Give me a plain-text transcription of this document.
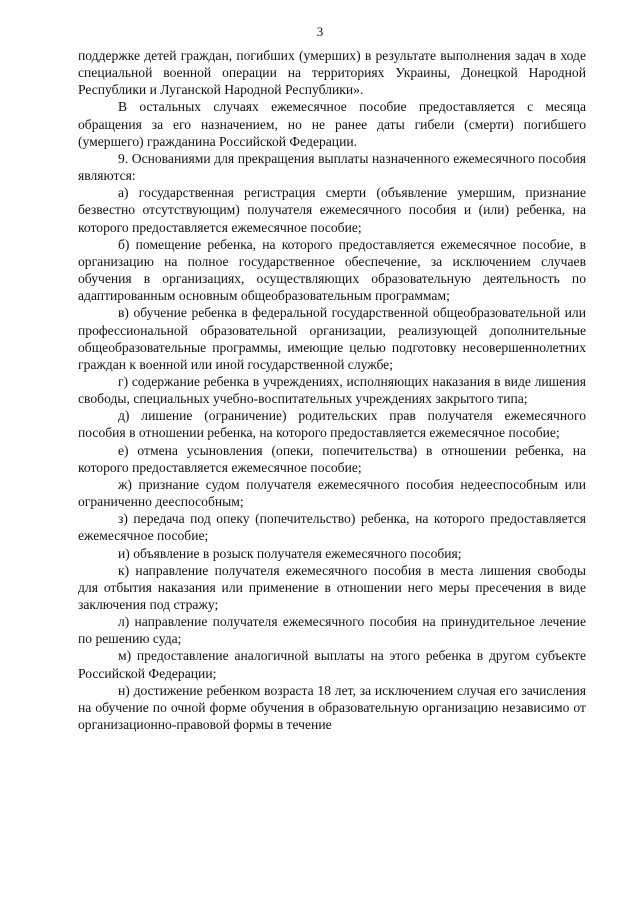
3

поддержке детей граждан, погибших (умерших) в результате выполнения задач в ходе специальной военной операции на территориях Украины, Донецкой Народной Республики и Луганской Народной Республики».

В остальных случаях ежемесячное пособие предоставляется с месяца обращения за его назначением, но не ранее даты гибели (смерти) погибшего (умершего) гражданина Российской Федерации.

9. Основаниями для прекращения выплаты назначенного ежемесячного пособия являются:

а) государственная регистрация смерти (объявление умершим, признание безвестно отсутствующим) получателя ежемесячного пособия и (или) ребенка, на которого предоставляется ежемесячное пособие;

б) помещение ребенка, на которого предоставляется ежемесячное пособие, в организацию на полное государственное обеспечение, за исключением случаев обучения в организациях, осуществляющих образовательную деятельность по адаптированным основным общеобразовательным программам;

в) обучение ребенка в федеральной государственной общеобразовательной или профессиональной образовательной организации, реализующей дополнительные общеобразовательные программы, имеющие целью подготовку несовершеннолетних граждан к военной или иной государственной службе;

г) содержание ребенка в учреждениях, исполняющих наказания в виде лишения свободы, специальных учебно-воспитательных учреждениях закрытого типа;

д) лишение (ограничение) родительских прав получателя ежемесячного пособия в отношении ребенка, на которого предоставляется ежемесячное пособие;

е) отмена усыновления (опеки, попечительства) в отношении ребенка, на которого предоставляется ежемесячное пособие;

ж) признание судом получателя ежемесячного пособия недееспособным или ограниченно дееспособным;

з) передача под опеку (попечительство) ребенка, на которого предоставляется ежемесячное пособие;

и) объявление в розыск получателя ежемесячного пособия;

к) направление получателя ежемесячного пособия в места лишения свободы для отбытия наказания или применение в отношении него меры пресечения в виде заключения под стражу;

л) направление получателя ежемесячного пособия на принудительное лечение по решению суда;

м) предоставление аналогичной выплаты на этого ребенка в другом субъекте Российской Федерации;

н) достижение ребенком возраста 18 лет, за исключением случая его зачисления на обучение по очной форме обучения в образовательную организацию независимо от организационно-правовой формы в течение
